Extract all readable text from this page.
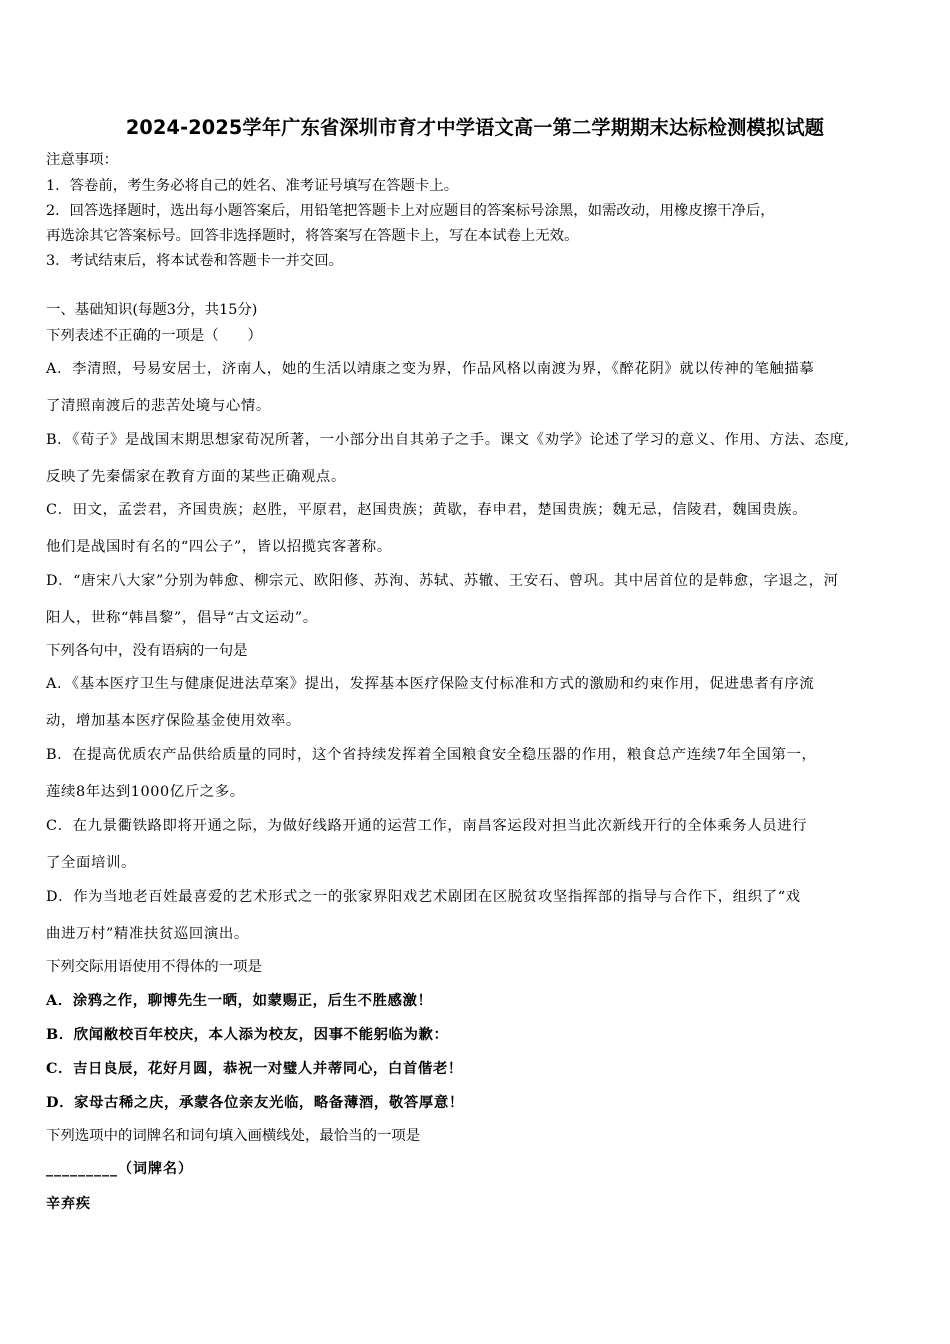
2024-2025学年广东省深圳市育才中学语文高一第二学期期末达标检测模拟试题
注意事项：
1．答卷前，考生务必将自己的姓名、准考证号填写在答题卡上。
2．回答选择题时，选出每小题答案后，用铅笔把答题卡上对应题目的答案标号涂黑，如需改动，用橡皮擦干净后，
再选涂其它答案标号。回答非选择题时，将答案写在答题卡上，写在本试卷上无效。
3．考试结束后，将本试卷和答题卡一并交回。
一、基础知识(每题3分，共15分)
下列表述不正确的一项是（　　）
A．李清照，号易安居士，济南人，她的生活以靖康之变为界，作品风格以南渡为界，《醉花阴》就以传神的笔触描摹
了清照南渡后的悲苦处境与心情。
B．《荀子》是战国末期思想家荀况所著，一小部分出自其弟子之手。课文《劝学》论述了学习的意义、作用、方法、态度,
反映了先秦儒家在教育方面的某些正确观点。
C．田文，孟尝君，齐国贵族；赵胜，平原君，赵国贵族；黄歇，春申君，楚国贵族；魏无忌，信陵君，魏国贵族。
他们是战国时有名的“四公子”，皆以招揽宾客著称。
D．“唐宋八大家”分别为韩愈、柳宗元、欧阳修、苏洵、苏轼、苏辙、王安石、曾巩。其中居首位的是韩愈，字退之，河
阳人，世称“韩昌黎”，倡导“古文运动”。
下列各句中，没有语病的一句是
A．《基本医疗卫生与健康促进法草案》提出，发挥基本医疗保险支付标准和方式的激励和约束作用，促进患者有序流
动，增加基本医疗保险基金使用效率。
B．在提高优质农产品供给质量的同时，这个省持续发挥着全国粮食安全稳压器的作用，粮食总产连续7年全国第一，
莲续8年达到1000亿斤之多。
C．在九景衢铁路即将开通之际，为做好线路开通的运营工作，南昌客运段对担当此次新线开行的全体乘务人员进行
了全面培训。
D．作为当地老百姓最喜爱的艺术形式之一的张家界阳戏艺术剧团在区脱贫攻坚指挥部的指导与合作下，组织了“戏
曲进万村”精准扶贫巡回演出。
下列交际用语使用不得体的一项是
A．涂鸦之作，聊博先生一晒，如蒙赐正，后生不胜感激！
B．欣闻敝校百年校庆，本人添为校友，因事不能躬临为歉：
C．吉日良辰，花好月圆，恭祝一对璧人并蒂同心，白首偕老！
D．家母古稀之庆，承蒙各位亲友光临，略备薄酒，敬答厚意！
下列选项中的词牌名和词句填入画横线处，最恰当的一项是
_________（词牌名）
辛弃疾
